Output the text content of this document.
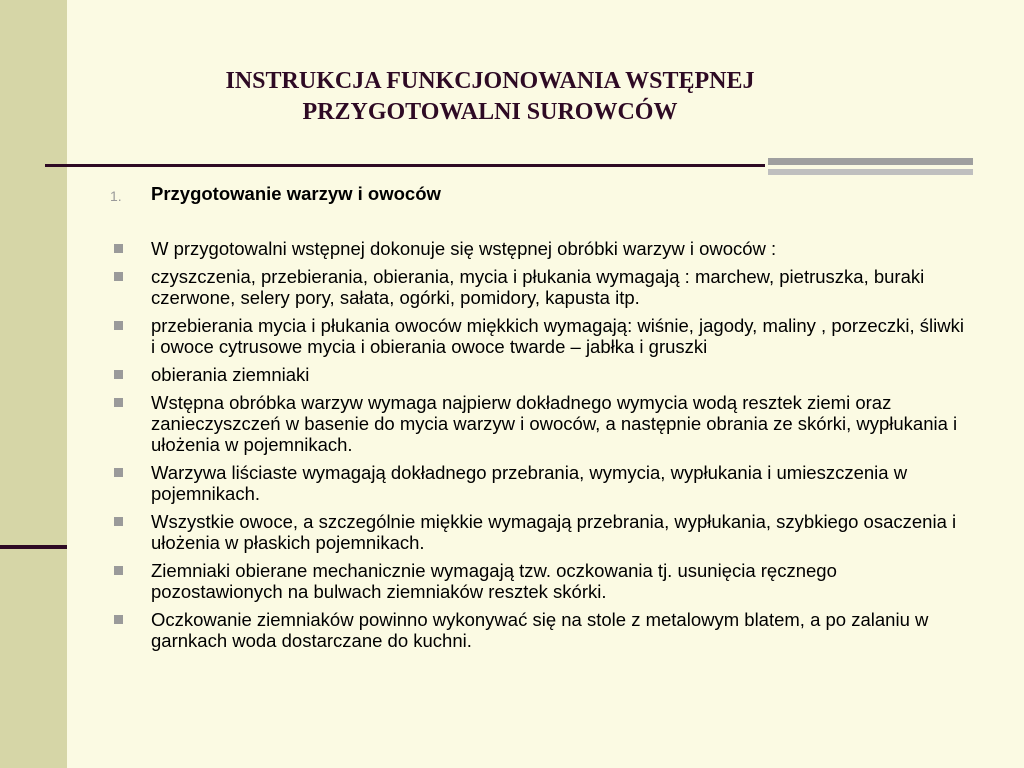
INSTRUKCJA FUNKCJONOWANIA WSTĘPNEJ PRZYGOTOWALNI SUROWCÓW
1.	Przygotowanie warzyw i owoców
W przygotowalni wstępnej dokonuje się wstępnej obróbki warzyw i owoców :
czyszczenia, przebierania, obierania, mycia i płukania wymagają : marchew, pietruszka, buraki czerwone, selery pory, sałata, ogórki, pomidory, kapusta itp.
przebierania mycia i płukania owoców miękkich wymagają: wiśnie, jagody, maliny , porzeczki, śliwki i owoce cytrusowe mycia i obierania owoce twarde – jabłka i gruszki
obierania ziemniaki
Wstępna obróbka warzyw wymaga najpierw dokładnego wymycia wodą resztek ziemi oraz zanieczyszczeń w basenie do mycia warzyw i owoców, a następnie obrania ze skórki, wypłukania i ułożenia w pojemnikach.
Warzywa liściaste wymagają dokładnego przebrania, wymycia, wypłukania i umieszczenia w pojemnikach.
Wszystkie owoce, a szczególnie miękkie wymagają przebrania, wypłukania, szybkiego osaczenia i ułożenia w płaskich pojemnikach.
Ziemniaki obierane mechanicznie wymagają tzw. oczkowania tj. usunięcia ręcznego pozostawionych na bulwach ziemniaków resztek skórki.
Oczkowanie ziemniaków powinno wykonywać się na stole z metalowym blatem, a po zalaniu w garnkach woda dostarczane do kuchni.
